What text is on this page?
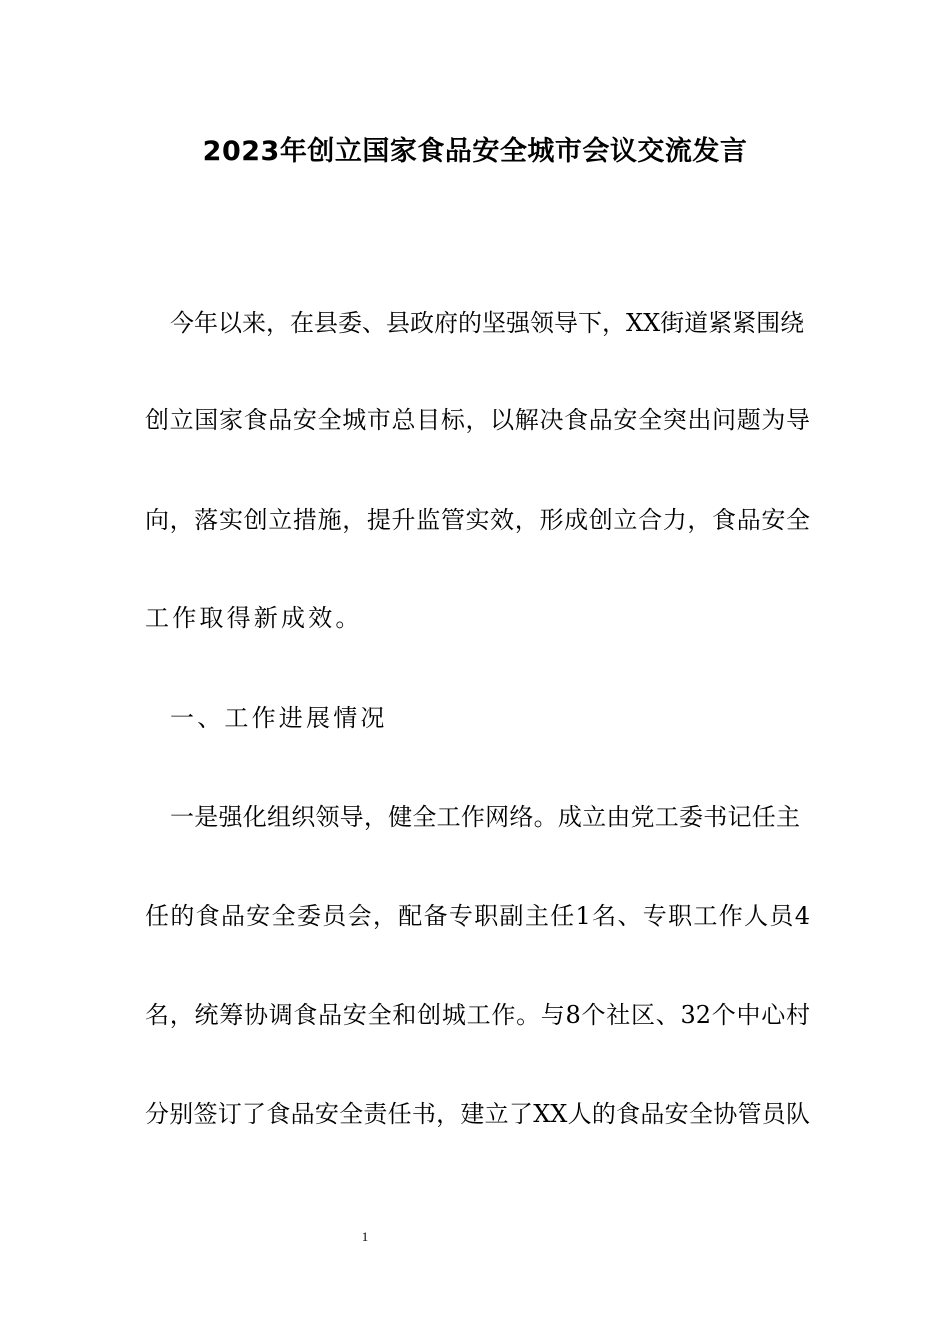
2023年创立国家食品安全城市会议交流发言
今年以来，在县委、县政府的坚强领导下，XX街道紧紧围绕
创立国家食品安全城市总目标，以解决食品安全突出问题为导
向，落实创立措施，提升监管实效，形成创立合力，食品安全
工作取得新成效。
一、工作进展情况
一是强化组织领导，健全工作网络。成立由党工委书记任主
任的食品安全委员会，配备专职副主任1名、专职工作人员4
名，统筹协调食品安全和创城工作。与8个社区、32个中心村
分别签订了食品安全责任书，建立了XX人的食品安全协管员队
1
